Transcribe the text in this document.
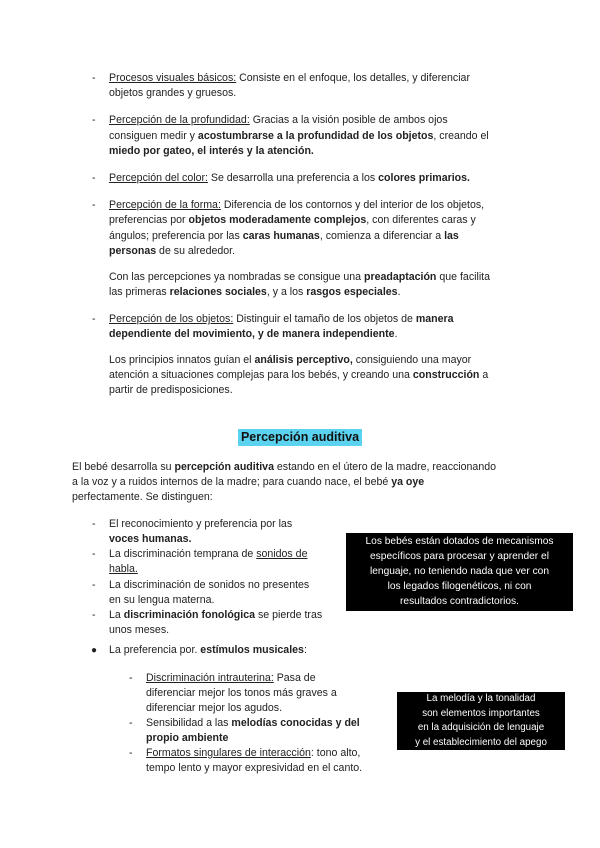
- Procesos visuales básicos: Consiste en el enfoque, los detalles, y diferenciar

objetos grandes y gruesos.

- Percepción de la profundidad: Gracias a la visión posible de ambos ojos

consiguen medir y acostumbrarse a la profundidad de los objetos, creando el

miedo por gateo, el interés y la atención.

- Percepción del color: Se desarrolla una preferencia a los colores primarios.

- Percepción de la forma: Diferencia de los contornos y del interior de los objetos,

preferencias por objetos moderadamente complejos, con diferentes caras y

ángulos; preferencia por las caras humanas, comienza a diferenciar a las

personas de su alrededor.

Con las percepciones ya nombradas se consigue una preadaptación que facilita

las primeras relaciones sociales, y a los rasgos especiales.

- Percepción de los objetos: Distinguir el tamaño de los objetos de manera

dependiente del movimiento, y de manera independiente.

Los principios innatos guían el análisis perceptivo, consiguiendo una mayor

atención a situaciones complejas para los bebés, y creando una construcción a

partir de predisposiciones.

Percepción auditiva

El bebé desarrolla su percepción auditiva estando en el útero de la madre, reaccionando

a la voz y a ruidos internos de la madre; para cuando nace, el bebé ya oye

perfectamente. Se distinguen:

- El reconocimiento y preferencia por las

voces humanas.

- La discriminación temprana de sonidos de

habla.

- La discriminación de sonidos no presentes

en su lengua materna.

- La discriminación fonológica se pierde tras

unos meses.

Los bebés están dotados de mecanismos
específicos para procesar y aprender el
lenguaje, no teniendo nada que ver con
los legados filogenéticos, ni con
resultados contradictorios.
● La preferencia por. estímulos musicales:

- Discriminación intrauterina: Pasa de

diferenciar mejor los tonos más graves a

diferenciar mejor los agudos.

- Sensibilidad a las melodías conocidas y del

propio ambiente

- Formatos singulares de interacción: tono alto,

tempo lento y mayor expresividad en el canto.

La melodía y la tonalidad
son elementos importantes
en la adquisición de lenguaje
y el establecimiento del apego
